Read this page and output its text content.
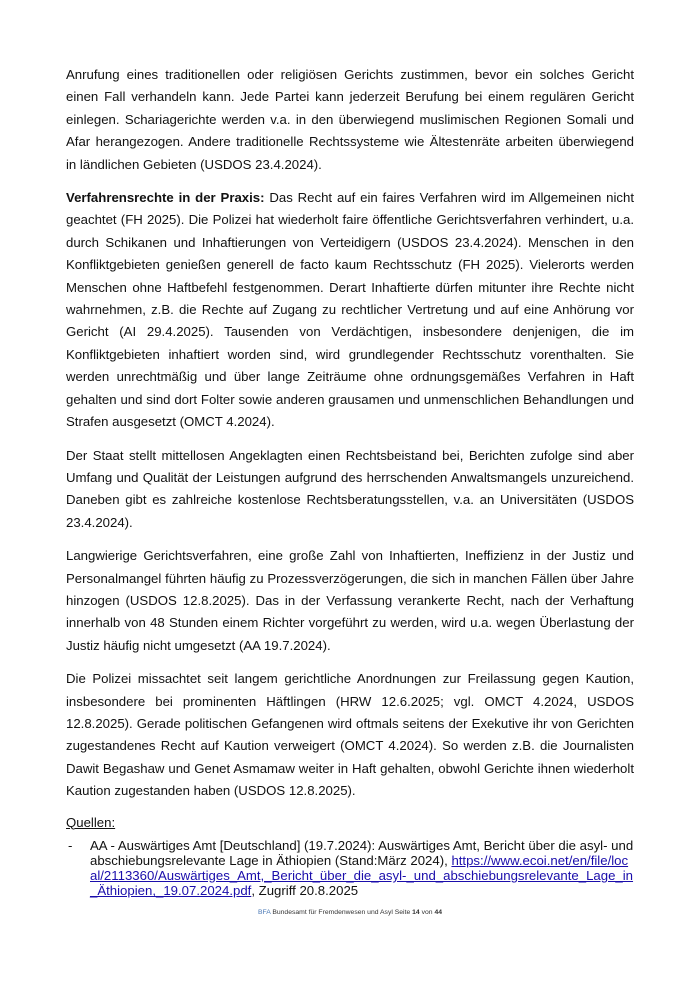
Anrufung eines traditionellen oder religiösen Gerichts zustimmen, bevor ein solches Gericht einen Fall verhandeln kann. Jede Partei kann jederzeit Berufung bei einem regulären Gericht einlegen. Schariagerichte werden v.a. in den überwiegend muslimischen Regionen Somali und Afar herangezogen. Andere traditionelle Rechtssysteme wie Ältestenräte arbeiten überwiegend in ländlichen Gebieten (USDOS 23.4.2024).

Verfahrensrechte in der Praxis: Das Recht auf ein faires Verfahren wird im Allgemeinen nicht geachtet (FH 2025). Die Polizei hat wiederholt faire öffentliche Gerichtsverfahren verhindert, u.a. durch Schikanen und Inhaftierungen von Verteidigern (USDOS 23.4.2024). Menschen in den Konfliktgebieten genießen generell de facto kaum Rechtsschutz (FH 2025). Vielerorts werden Menschen ohne Haftbefehl festgenommen. Derart Inhaftierte dürfen mitunter ihre Rechte nicht wahrnehmen, z.B. die Rechte auf Zugang zu rechtlicher Vertretung und auf eine Anhörung vor Gericht (AI 29.4.2025). Tausenden von Verdächtigen, insbesondere denjenigen, die im Konfliktgebieten inhaftiert worden sind, wird grundlegender Rechtsschutz vorenthalten. Sie werden unrechtmäßig und über lange Zeiträume ohne ordnungsgemäßes Verfahren in Haft gehalten und sind dort Folter sowie anderen grausamen und unmenschlichen Behandlungen und Strafen ausgesetzt (OMCT 4.2024).

Der Staat stellt mittellosen Angeklagten einen Rechtsbeistand bei, Berichten zufolge sind aber Umfang und Qualität der Leistungen aufgrund des herrschenden Anwaltsmangels unzureichend. Daneben gibt es zahlreiche kostenlose Rechtsberatungsstellen, v.a. an Universitäten (USDOS 23.4.2024).

Langwierige Gerichtsverfahren, eine große Zahl von Inhaftierten, Ineffizienz in der Justiz und Personalmangel führten häufig zu Prozessverzögerungen, die sich in manchen Fällen über Jahre hinzogen (USDOS 12.8.2025). Das in der Verfassung verankerte Recht, nach der Verhaftung innerhalb von 48 Stunden einem Richter vorgeführt zu werden, wird u.a. wegen Überlastung der Justiz häufig nicht umgesetzt (AA 19.7.2024).

Die Polizei missachtet seit langem gerichtliche Anordnungen zur Freilassung gegen Kaution, insbesondere bei prominenten Häftlingen (HRW 12.6.2025; vgl. OMCT 4.2024, USDOS 12.8.2025). Gerade politischen Gefangenen wird oftmals seitens der Exekutive ihr von Gerichten zugestandenes Recht auf Kaution verweigert (OMCT 4.2024). So werden z.B. die Journalisten Dawit Begashaw und Genet Asmamaw weiter in Haft gehalten, obwohl Gerichte ihnen wiederholt Kaution zugestanden haben (USDOS 12.8.2025).

Quellen:
-	AA - Auswärtiges Amt [Deutschland] (19.7.2024): Auswärtiges Amt, Bericht über die asyl- und abschiebungsrelevante Lage in Äthiopien (Stand:März 2024), https://www.ecoi.net/en/file/local/2113360/Auswärtiges_Amt,_Bericht_über_die_asyl-_und_abschiebungsrelevante_Lage_in_Äthiopien,_19.07.2024.pdf, Zugriff 20.8.2025
BFA Bundesamt für Fremdenwesen und Asyl Seite 14 von 44
